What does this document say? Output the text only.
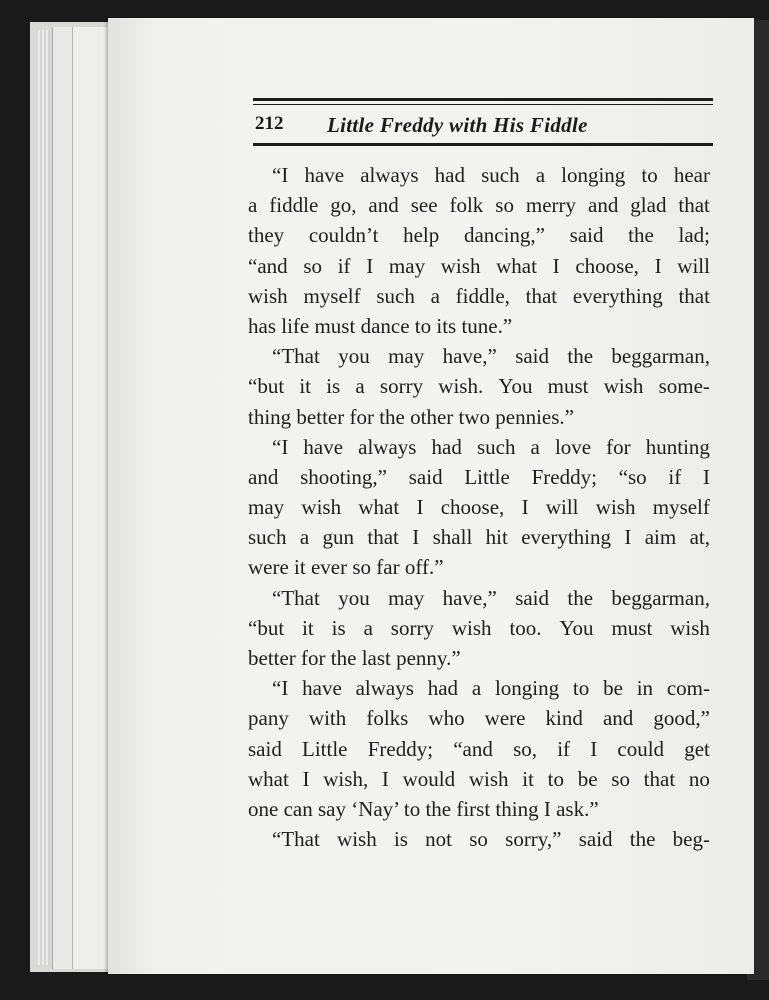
212 Little Freddy with His Fiddle
“I have always had such a longing to hear
a fiddle go, and see folk so merry and glad that
they couldn’t help dancing,” said the lad;
“and so if I may wish what I choose, I will
wish myself such a fiddle, that everything that
has life must dance to its tune.”
“That you may have,” said the beggarman,
“but it is a sorry wish. You must wish some-
thing better for the other two pennies.”
“I have always had such a love for hunting
and shooting,” said Little Freddy; “so if I
may wish what I choose, I will wish myself
such a gun that I shall hit everything I aim at,
were it ever so far off.”
“That you may have,” said the beggarman,
“but it is a sorry wish too. You must wish
better for the last penny.”
“I have always had a longing to be in com-
pany with folks who were kind and good,”
said Little Freddy; “and so, if I could get
what I wish, I would wish it to be so that no
one can say ‘Nay’ to the first thing I ask.”
“That wish is not so sorry,” said the beg-
